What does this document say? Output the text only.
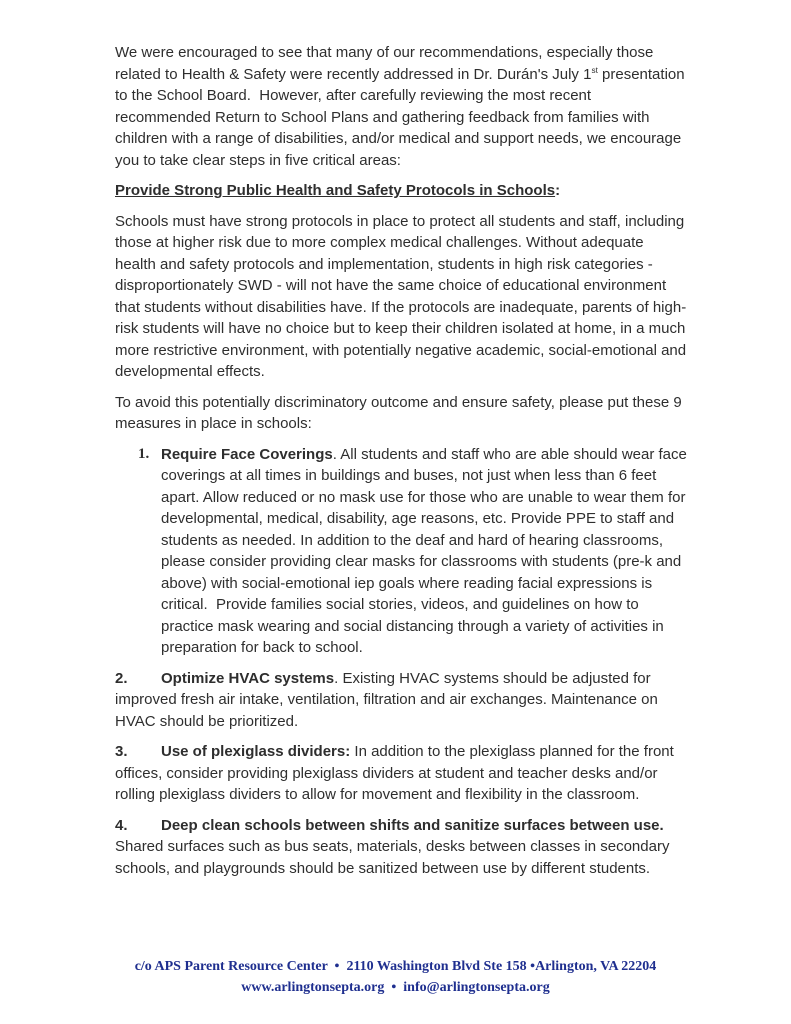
We were encouraged to see that many of our recommendations, especially those related to Health & Safety were recently addressed in Dr. Durán's July 1st presentation to the School Board.  However, after carefully reviewing the most recent recommended Return to School Plans and gathering feedback from families with children with a range of disabilities, and/or medical and support needs, we encourage you to take clear steps in five critical areas:

Provide Strong Public Health and Safety Protocols in Schools:

Schools must have strong protocols in place to protect all students and staff, including those at higher risk due to more complex medical challenges. Without adequate health and safety protocols and implementation, students in high risk categories - disproportionately SWD - will not have the same choice of educational environment that students without disabilities have. If the protocols are inadequate, parents of high-risk students will have no choice but to keep their children isolated at home, in a much more restrictive environment, with potentially negative academic, social-emotional and developmental effects.

To avoid this potentially discriminatory outcome and ensure safety, please put these 9 measures in place in schools:

1. Require Face Coverings. All students and staff who are able should wear face coverings at all times in buildings and buses, not just when less than 6 feet apart. Allow reduced or no mask use for those who are unable to wear them for developmental, medical, disability, age reasons, etc. Provide PPE to staff and students as needed. In addition to the deaf and hard of hearing classrooms, please consider providing clear masks for classrooms with students (pre-k and above) with social-emotional iep goals where reading facial expressions is critical.  Provide families social stories, videos, and guidelines on how to practice mask wearing and social distancing through a variety of activities in preparation for back to school.

2. Optimize HVAC systems. Existing HVAC systems should be adjusted for improved fresh air intake, ventilation, filtration and air exchanges. Maintenance on HVAC should be prioritized.

3. Use of plexiglass dividers: In addition to the plexiglass planned for the front offices, consider providing plexiglass dividers at student and teacher desks and/or rolling plexiglass dividers to allow for movement and flexibility in the classroom.

4. Deep clean schools between shifts and sanitize surfaces between use. Shared surfaces such as bus seats, materials, desks between classes in secondary schools, and playgrounds should be sanitized between use by different students.

c/o APS Parent Resource Center  •  2110 Washington Blvd Ste 158 •Arlington, VA 22204
www.arlingtonsepta.org  •  info@arlingtonsepta.org
